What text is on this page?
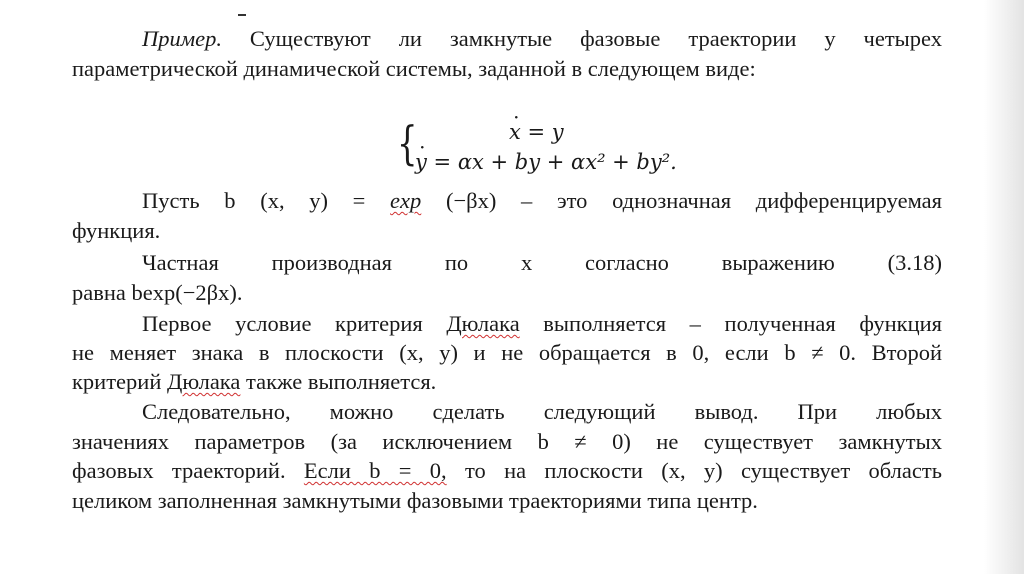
Пример. Существуют ли замкнутые фазовые траектории у четырех
параметрической динамической системы, заданной в следующем виде:
{	x · = y
y · = αx + by + αx² + by².
Пусть b (x, y) = exp (−βx) – это однозначная дифференцируемая
функция.
Частная производная по x согласно выражению (3.18)
равна bexp(−2βx).
Первое условие критерия Дюлака выполняется – полученная функция
не меняет знака в плоскости (x, y) и не обращается в 0, если b ≠ 0. Второй
критерий Дюлака также выполняется.
Следовательно, можно сделать следующий вывод. При любых
значениях параметров (за исключением b ≠ 0) не существует замкнутых
фазовых траекторий. Если b = 0, то на плоскости (x, y) существует область
целиком заполненная замкнутыми фазовыми траекториями типа центр.
